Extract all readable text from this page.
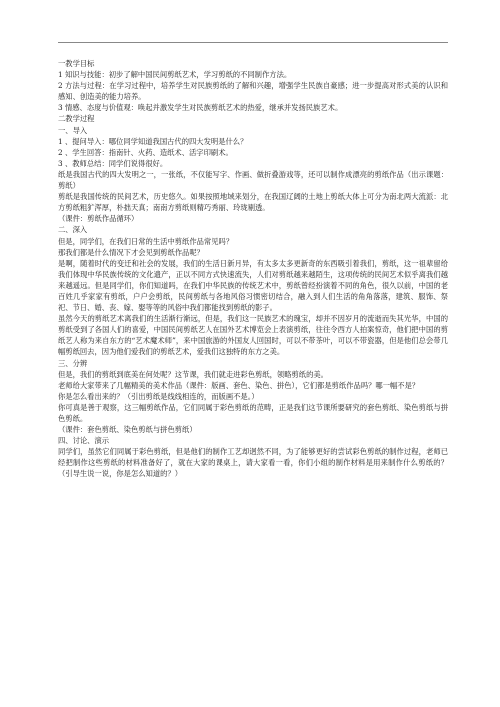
一教学目标

1 知识与技能：初步了解中国民间剪纸艺术，学习剪纸的不同制作方法。

2 方法与过程：在学习过程中，培养学生对民族剪纸的了解和兴趣，增强学生民族自豪感；进一步提高对形式美的认识和感知、创造美的能力培养。

3 情感、态度与价值观：唤起并激发学生对民族剪纸艺术的热爱，继承并发扬民族艺术。

二教学过程

一、导入

1 、提问导入：哪位同学知道我国古代的四大发明是什么？

2 、学生回答：指南针、火药、造纸术、活字印刷术。

3 、教师总结：同学们说得很好。

纸是我国古代的四大发明之一，一张纸，不仅能写字、作画、做折叠游戏等，还可以制作成漂亮的剪纸作品（出示课题：剪纸）

剪纸是我国传统的民间艺术，历史悠久。如果按照地域来划分，在我国辽阔的土地上剪纸大体上可分为南北两大流派：北方剪纸粗犷浑厚，朴拙天真；南南方剪纸则精巧秀丽、玲珑剔透。

（课件：剪纸作品循环）

二、深入

但是，同学们，在我们日常的生活中剪纸作品常见吗？

那我们都是什么情况下才会见到剪纸作品呢？

是啊，随着时代的变迁和社会的发展，我们的生活日新月异，有太多太多更新奇的东西吸引着我们，剪纸，这一祖辈留给我们体现中华民族传统的文化遗产，正以不同方式快速流失，人们对剪纸越来越陌生，这项传统的民间艺术似乎离我们越来越遥远。但是同学们，你们知道吗，在我们中华民族的传统艺术中，剪纸曾经扮演着不同的角色，很久以前，中国的老百姓几乎家家有剪纸，户户会剪纸，民间剪纸与各地风俗习惯密切结合，融入到人们生活的角角落落，建筑、服饰、祭祀、节日、婚、丧、嫁、娶等等的风俗中我们都能找到剪纸的影子。

虽然今天的剪纸艺术离我们的生活渐行渐远，但是，我们这一民族艺术的瑰宝，却并不因岁月的流逝而失其光华，中国的剪纸受到了各国人们的喜爱，中国民间剪纸艺人在国外艺术博览会上表演剪纸，往往令西方人拍案惊奇，他们把中国的剪纸艺人称为来自东方的“艺术魔术师”，来中国旅游的外国友人回国时，可以不带茶叶，可以不带瓷器，但是他们总会带几幅剪纸回去，因为他们爱我们的剪纸艺术，爱我们这独特的东方之美。

三、分辨

但是，我们的剪纸到底美在何处呢？这节课，我们就走进彩色剪纸，领略剪纸的美。

老师给大家带来了几幅精美的美术作品（课件：版画、套色、染色、拼色），它们都是剪纸作品吗？哪一幅不是？

你是怎么看出来的？（引出剪纸是线线相连的，而版画不是。）

你可真是善于观察，这三幅剪纸作品，它们同属于彩色剪纸的范畴，正是我们这节课所要研究的套色剪纸、染色剪纸与拼色剪纸。

（课件：套色剪纸、染色剪纸与拼色剪纸）

四、讨论、演示

同学们，虽然它们同属于彩色剪纸，但是他们的制作工艺却迥然不同，为了能够更好的尝试彩色剪纸的制作过程，老师已经把制作这些剪纸的材料准备好了，就在大家的课桌上，请大家看一看，你们小组的制作材料是用来制作什么剪纸的？（引导生说一说，你是怎么知道的？）
